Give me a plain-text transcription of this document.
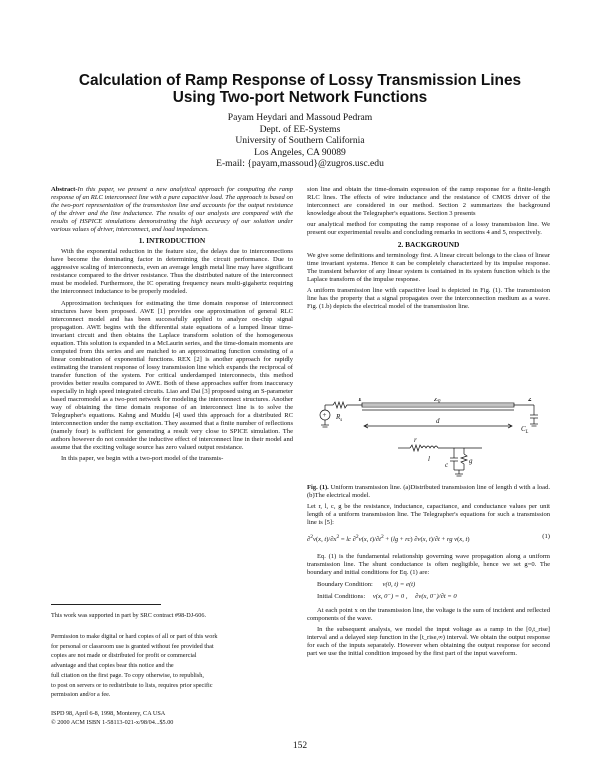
Calculation of Ramp Response of Lossy Transmission Lines
Using Two-port Network Functions
Payam Heydari and Massoud Pedram
Dept. of EE-Systems
University of Southern California
Los Angeles, CA 90089
E-mail: {payam,massoud}@zugros.usc.edu

Abstract-In this paper, we present a new analytical approach for computing the ramp response of an RLC interconnect line with a pure capacitive load. The approach is based on the two-port representation of the transmission line and accounts for the output resistance of the driver and the line inductance. The results of our analysis are compared with the results of HSPICE simulations demonstrating the high accuracy of our solution under various values of driver, interconnect, and load impedances.

1. INTRODUCTION

With the exponential reduction in the feature size, the delays due to interconnections have become the dominating factor in determining the circuit performance. Due to aggressive scaling of interconnects, even an average length metal line may have significant resistance compared to the driver resistance. Thus the distributed nature of the interconnect must be modeled. Furthermore, the IC operating frequency nears multi-gigahertz requiring the interconnect inductance to be properly modeled.

Approximation techniques for estimating the time domain response of interconnect structures have been proposed. AWE [1] provides one approximation of general RLC interconnect model and has been successfully applied to analyze on-chip signal propagation. AWE begins with the differential state equations of a lumped linear time-invariant circuit and then obtains the Laplace transform solution of the homogeneous equation. This solution is expanded in a McLaurin series, and the time-domain moments are computed from this series and are matched to an approximating function consisting of a linear combination of exponential functions. REX [2] is another approach for rapidly estimating the transient response of lossy transmission line which expands the reciprocal of transfer function of the system. For critical underdamped interconnects, this method provides better results compared to AWE. Both of these approaches suffer from inaccuracy especially in high speed integrated circuits. Liao and Dai [3] proposed using an S-parameter based macromodel as a two-port network for modeling the interconnect structures. Another way of obtaining the time domain response of an interconnect line is to solve the Telegrapher's equations. Kahng and Muddu [4] used this approach for a distributed RC interconnection under the ramp excitation. They assumed that a finite number of reflections (namely four) is sufficient for generating a result very close to SPICE simulation. The authors however do not consider the inductive effect of interconnect line in their model and assume that the exciting voltage source has zero valued output resistance.

In this paper, we begin with a two-port model of the transmis-

This work was supported in part by SRC contract #98-DJ-606.
Permission to make digital or hard copies of all or part of this work
for personal or classroom use is granted without fee provided that
copies are not made or distributed for profit or commercial
advantage and that copies bear this notice and the
full citation on the first page. To copy otherwise, to republish,
to post on servers or to redistribute to lists, requires prior specific
permission and/or a fee.
ISPD 98, April 6-8, 1998, Monterey, CA USA
© 2000 ACM ISBN 1-58113-021-x/98/04...$5.00

sion line and obtain the time-domain expression of the ramp response for a finite-length RLC lines. The effects of wire inductance and the resistance of CMOS driver of the interconnect are considered in our method. Section 2 summarizes the background knowledge about the Telegrapher's equations. Section 3 presents

our analytical method for computing the ramp response of a lossy transmission line. We present our experimental results and concluding remarks in sections 4 and 5, respectively.

2. BACKGROUND

We give some definitions and terminology first. A linear circuit belongs to the class of linear time invariant systems. Hence it can be completely characterized by its impulse response. The transient behavior of any linear system is contained in its system function which is the Laplace transform of the impulse response.

A uniform transmission line with capacitive load is depicted in Fig. (1). The transmission line has the property that a signal propagates over the interconnection medium as a wave. Fig. (1.b) depicts the electrical model of the transmission line.

+ $R_s$
1	$Z_0$
d
2
$C_L$
r
l
c	g

Fig. (1). Uniform transmission line. (a)Distributed transmission line of length d with a load. (b)The electrical model.

Let r, l, c, g be the resistance, inductance, capacitance, and conductance values per unit length of a uniform transmission line. The Telegrapher's equations for such a transmission line is [5]:

∂$^2$v(x, $t)/\partial x^2$ = lc ∂$^2$v(x, $t)/\partial t^2 + (\lg + rc)$ ∂v(x, t)/∂t + rg v(x, t)	(1)

Eq. (1) is the fundamental relationship governing wave propagation along a uniform transmission line. The shunt conductance is often negligible, hence we set g=0. The boundary and initial conditions for Eq. (1) are:

Boundary Condition: v(0, t) = e(t)
Initial Conditions: v(x, 0⁻) = 0 , ∂v(x, 0⁻)/∂t = 0

At each point x on the transmission line, the voltage is the sum of incident and reflected components of the wave.

In the subsequent analysis, we model the input voltage as a ramp in the [0,t_rise] interval and a delayed step function in the [t_rise,∞) interval. We obtain the output response for each of the inputs separately. However when obtaining the output response for second part we use the initial condition imposed by the first part of the input waveform.

152
